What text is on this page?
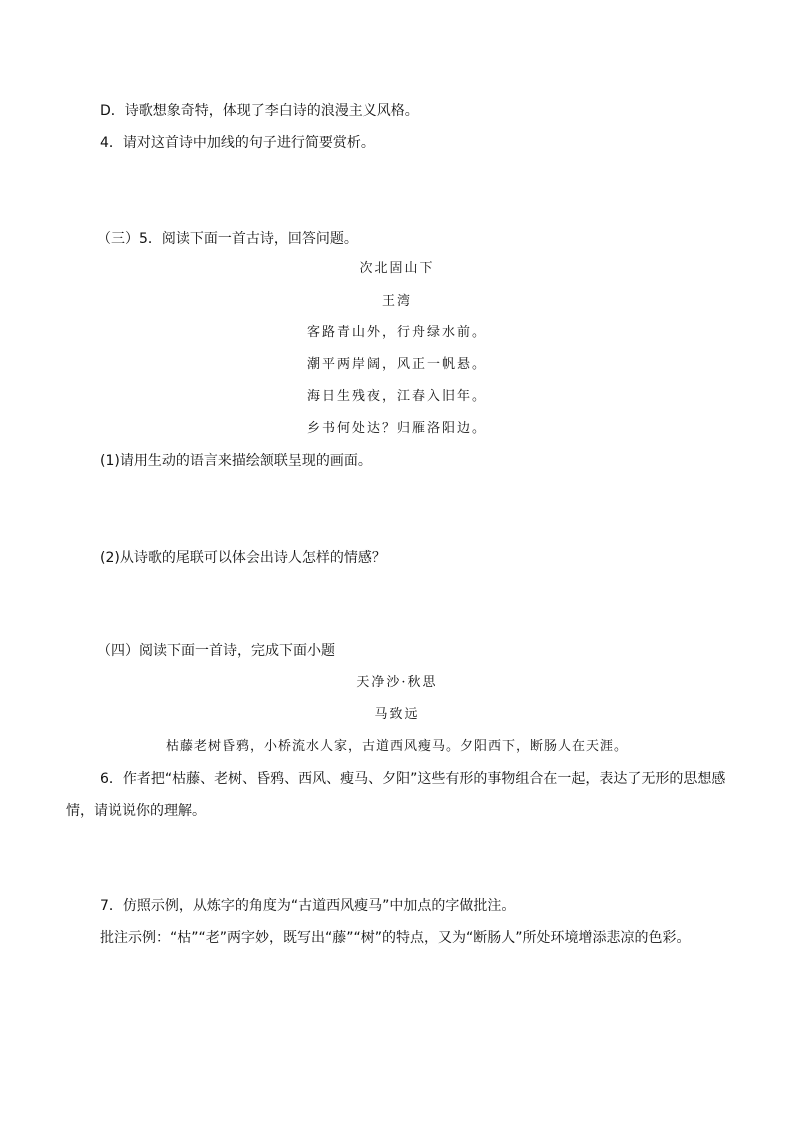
D．诗歌想象奇特，体现了李白诗的浪漫主义风格。
4．请对这首诗中加线的句子进行简要赏析。
（三）5．阅读下面一首古诗，回答问题。
次北固山下
王湾
客路青山外，行舟绿水前。
潮平两岸阔，风正一帆悬。
海日生残夜，江春入旧年。
乡书何处达？归雁洛阳边。
(1)请用生动的语言来描绘颔联呈现的画面。
(2)从诗歌的尾联可以体会出诗人怎样的情感？
（四）阅读下面一首诗，完成下面小题
天净沙·秋思
马致远
枯藤老树昏鸦，小桥流水人家，古道西风瘦马。夕阳西下，断肠人在天涯。
6．作者把“枯藤、老树、昏鸦、西风、瘦马、夕阳”这些有形的事物组合在一起，表达了无形的思想感
情，请说说你的理解。
7．仿照示例，从炼字的角度为“古道西风瘦马”中加点的字做批注。
批注示例：“枯”“老”两字妙，既写出“藤”“树”的特点，又为“断肠人”所处环境增添悲凉的色彩。
